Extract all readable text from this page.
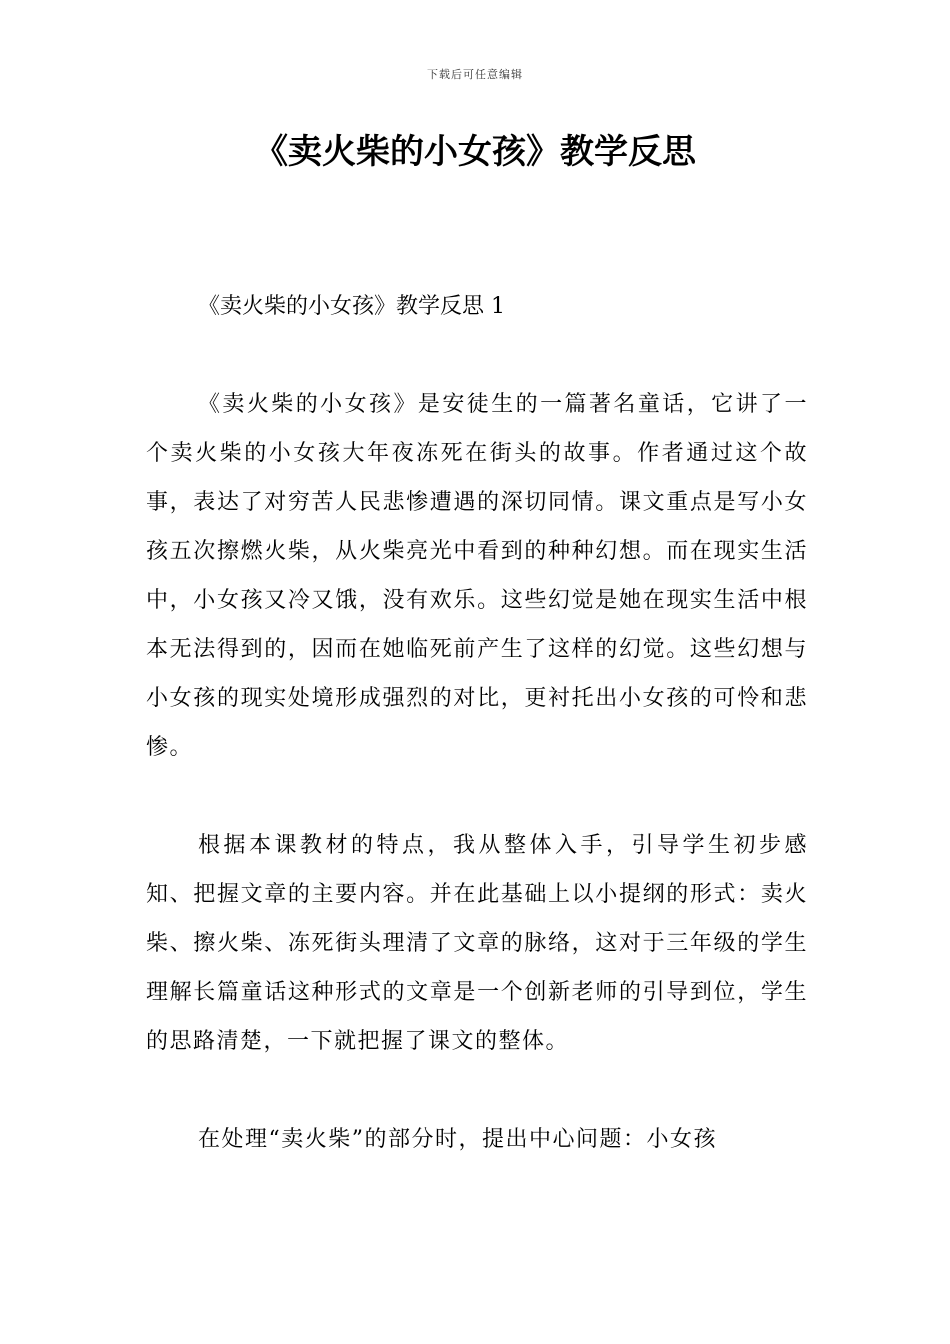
下载后可任意编辑
《卖火柴的小女孩》教学反思

《卖火柴的小女孩》教学反思 1

《卖火柴的小女孩》是安徒生的一篇著名童话，它讲了一个卖火柴的小女孩大年夜冻死在街头的故事。作者通过这个故事，表达了对穷苦人民悲惨遭遇的深切同情。课文重点是写小女孩五次擦燃火柴，从火柴亮光中看到的种种幻想。而在现实生活中，小女孩又冷又饿，没有欢乐。这些幻觉是她在现实生活中根本无法得到的，因而在她临死前产生了这样的幻觉。这些幻想与小女孩的现实处境形成强烈的对比，更衬托出小女孩的可怜和悲惨。

根据本课教材的特点，我从整体入手，引导学生初步感知、把握文章的主要内容。并在此基础上以小提纲的形式：卖火柴、擦火柴、冻死街头理清了文章的脉络，这对于三年级的学生理解长篇童话这种形式的文章是一个创新老师的引导到位，学生的思路清楚，一下就把握了课文的整体。

在处理“卖火柴”的部分时，提出中心问题：小女孩
